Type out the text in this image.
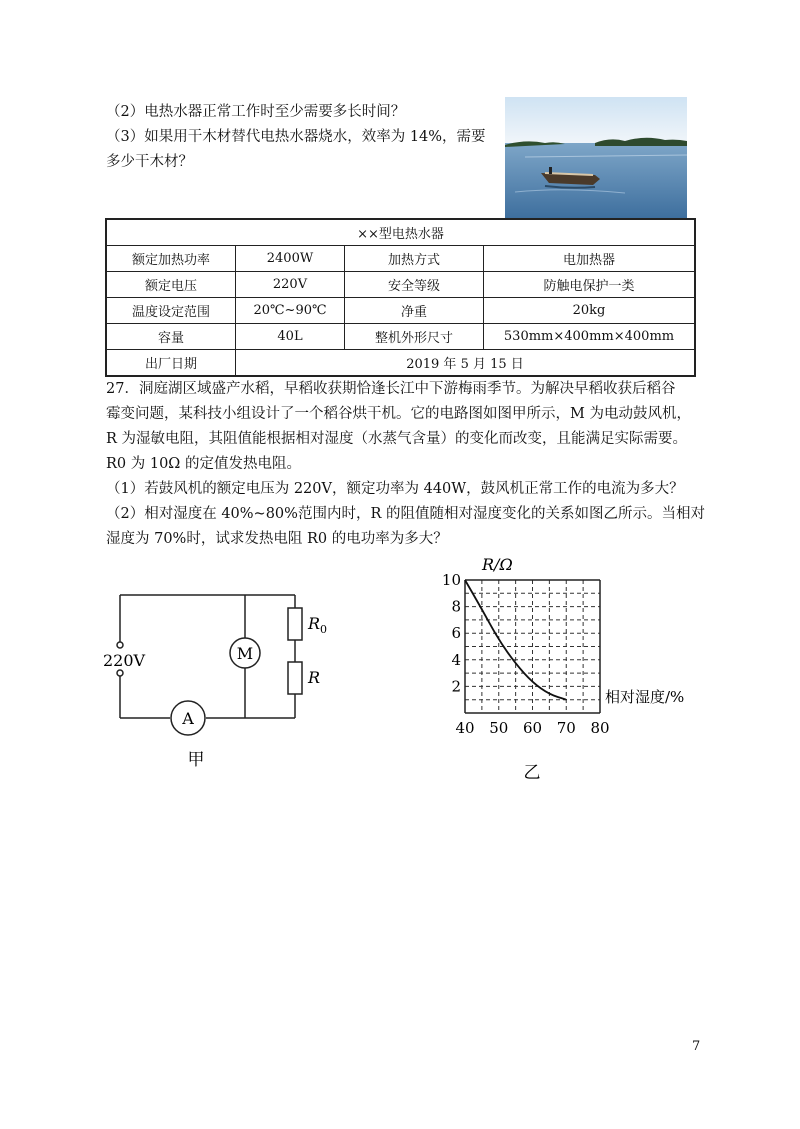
（2）电热水器正常工作时至少需要多长时间？
（3）如果用干木材替代电热水器烧水，效率为 14%，需要
多少干木材？
××型电热水器			
额定加热功率	2400W	加热方式	电加热器
额定电压	220V	安全等级	防触电保护一类
温度设定范围	20℃~90℃	净重	20kg
容量	40L	整机外形尺寸	530mm×400mm×400mm
出厂日期	2019 年 5 月 15 日		
27．洞庭湖区域盛产水稻，早稻收获期恰逢长江中下游梅雨季节。为解决早稻收获后稻谷
霉变问题，某科技小组设计了一个稻谷烘干机。它的电路图如图甲所示，M 为电动鼓风机，
R 为湿敏电阻，其阻值能根据相对湿度（水蒸气含量）的变化而改变，且能满足实际需要。
R0 为 10Ω 的定值发热电阻。
（1）若鼓风机的额定电压为 220V，额定功率为 440W，鼓风机正常工作的电流为多大？
（2）相对湿度在 40%~80%范围内时，R 的阻值随相对湿度变化的关系如图乙所示。当相对
湿度为 70%时，试求发热电阻 R0 的电功率为多大？
220V	M
A
$R_0$
R
甲
40 50 60 70 80
2
4
6
8
10
R/Ω
相对湿度/%
乙
7
